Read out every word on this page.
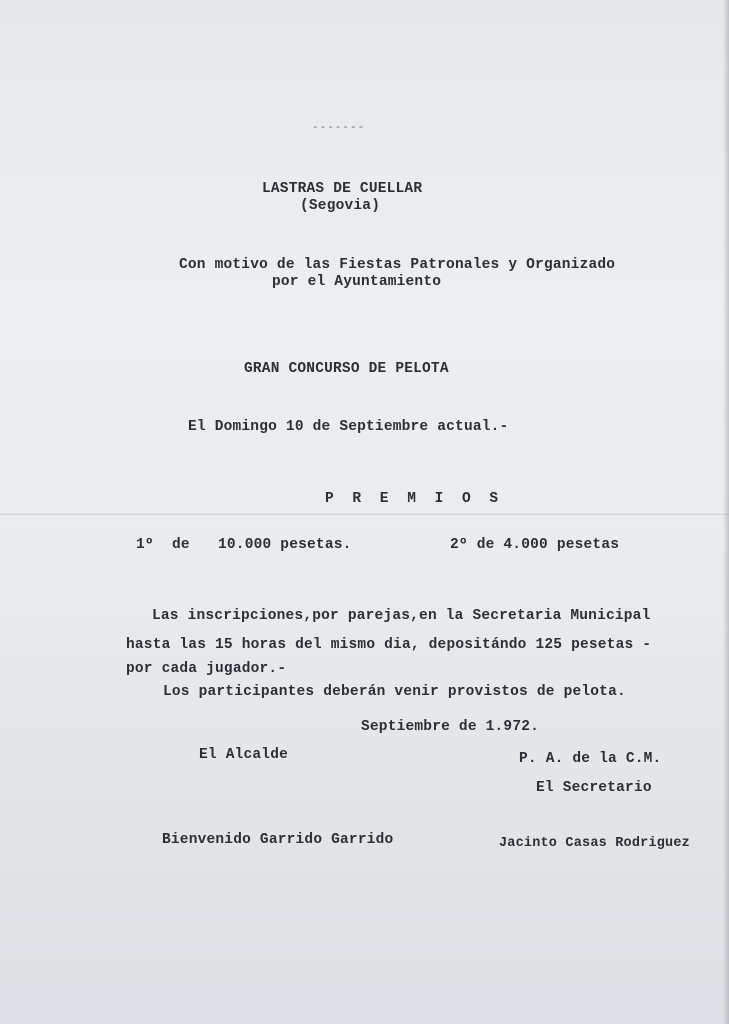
-------
LASTRAS DE CUELLAR
(Segovia)
Con motivo de las Fiestas Patronales y Organizado
por el Ayuntamiento
GRAN CONCURSO DE PELOTA
El Domingo 10 de Septiembre actual.-
P R E M I O S
1º de 10.000 pesetas.	2º de 4.000 pesetas
Las inscripciones,por parejas,en la Secretaria Municipal
hasta las 15 horas del mismo dia, depositándo 125 pesetas -
por cada jugador.-
Los participantes deberán venir provistos de pelota.
Septiembre de 1.972.
El Alcalde	P. A. de la C.M.
El Secretario
Bienvenido Garrido Garrido	Jacinto Casas Rodriguez
